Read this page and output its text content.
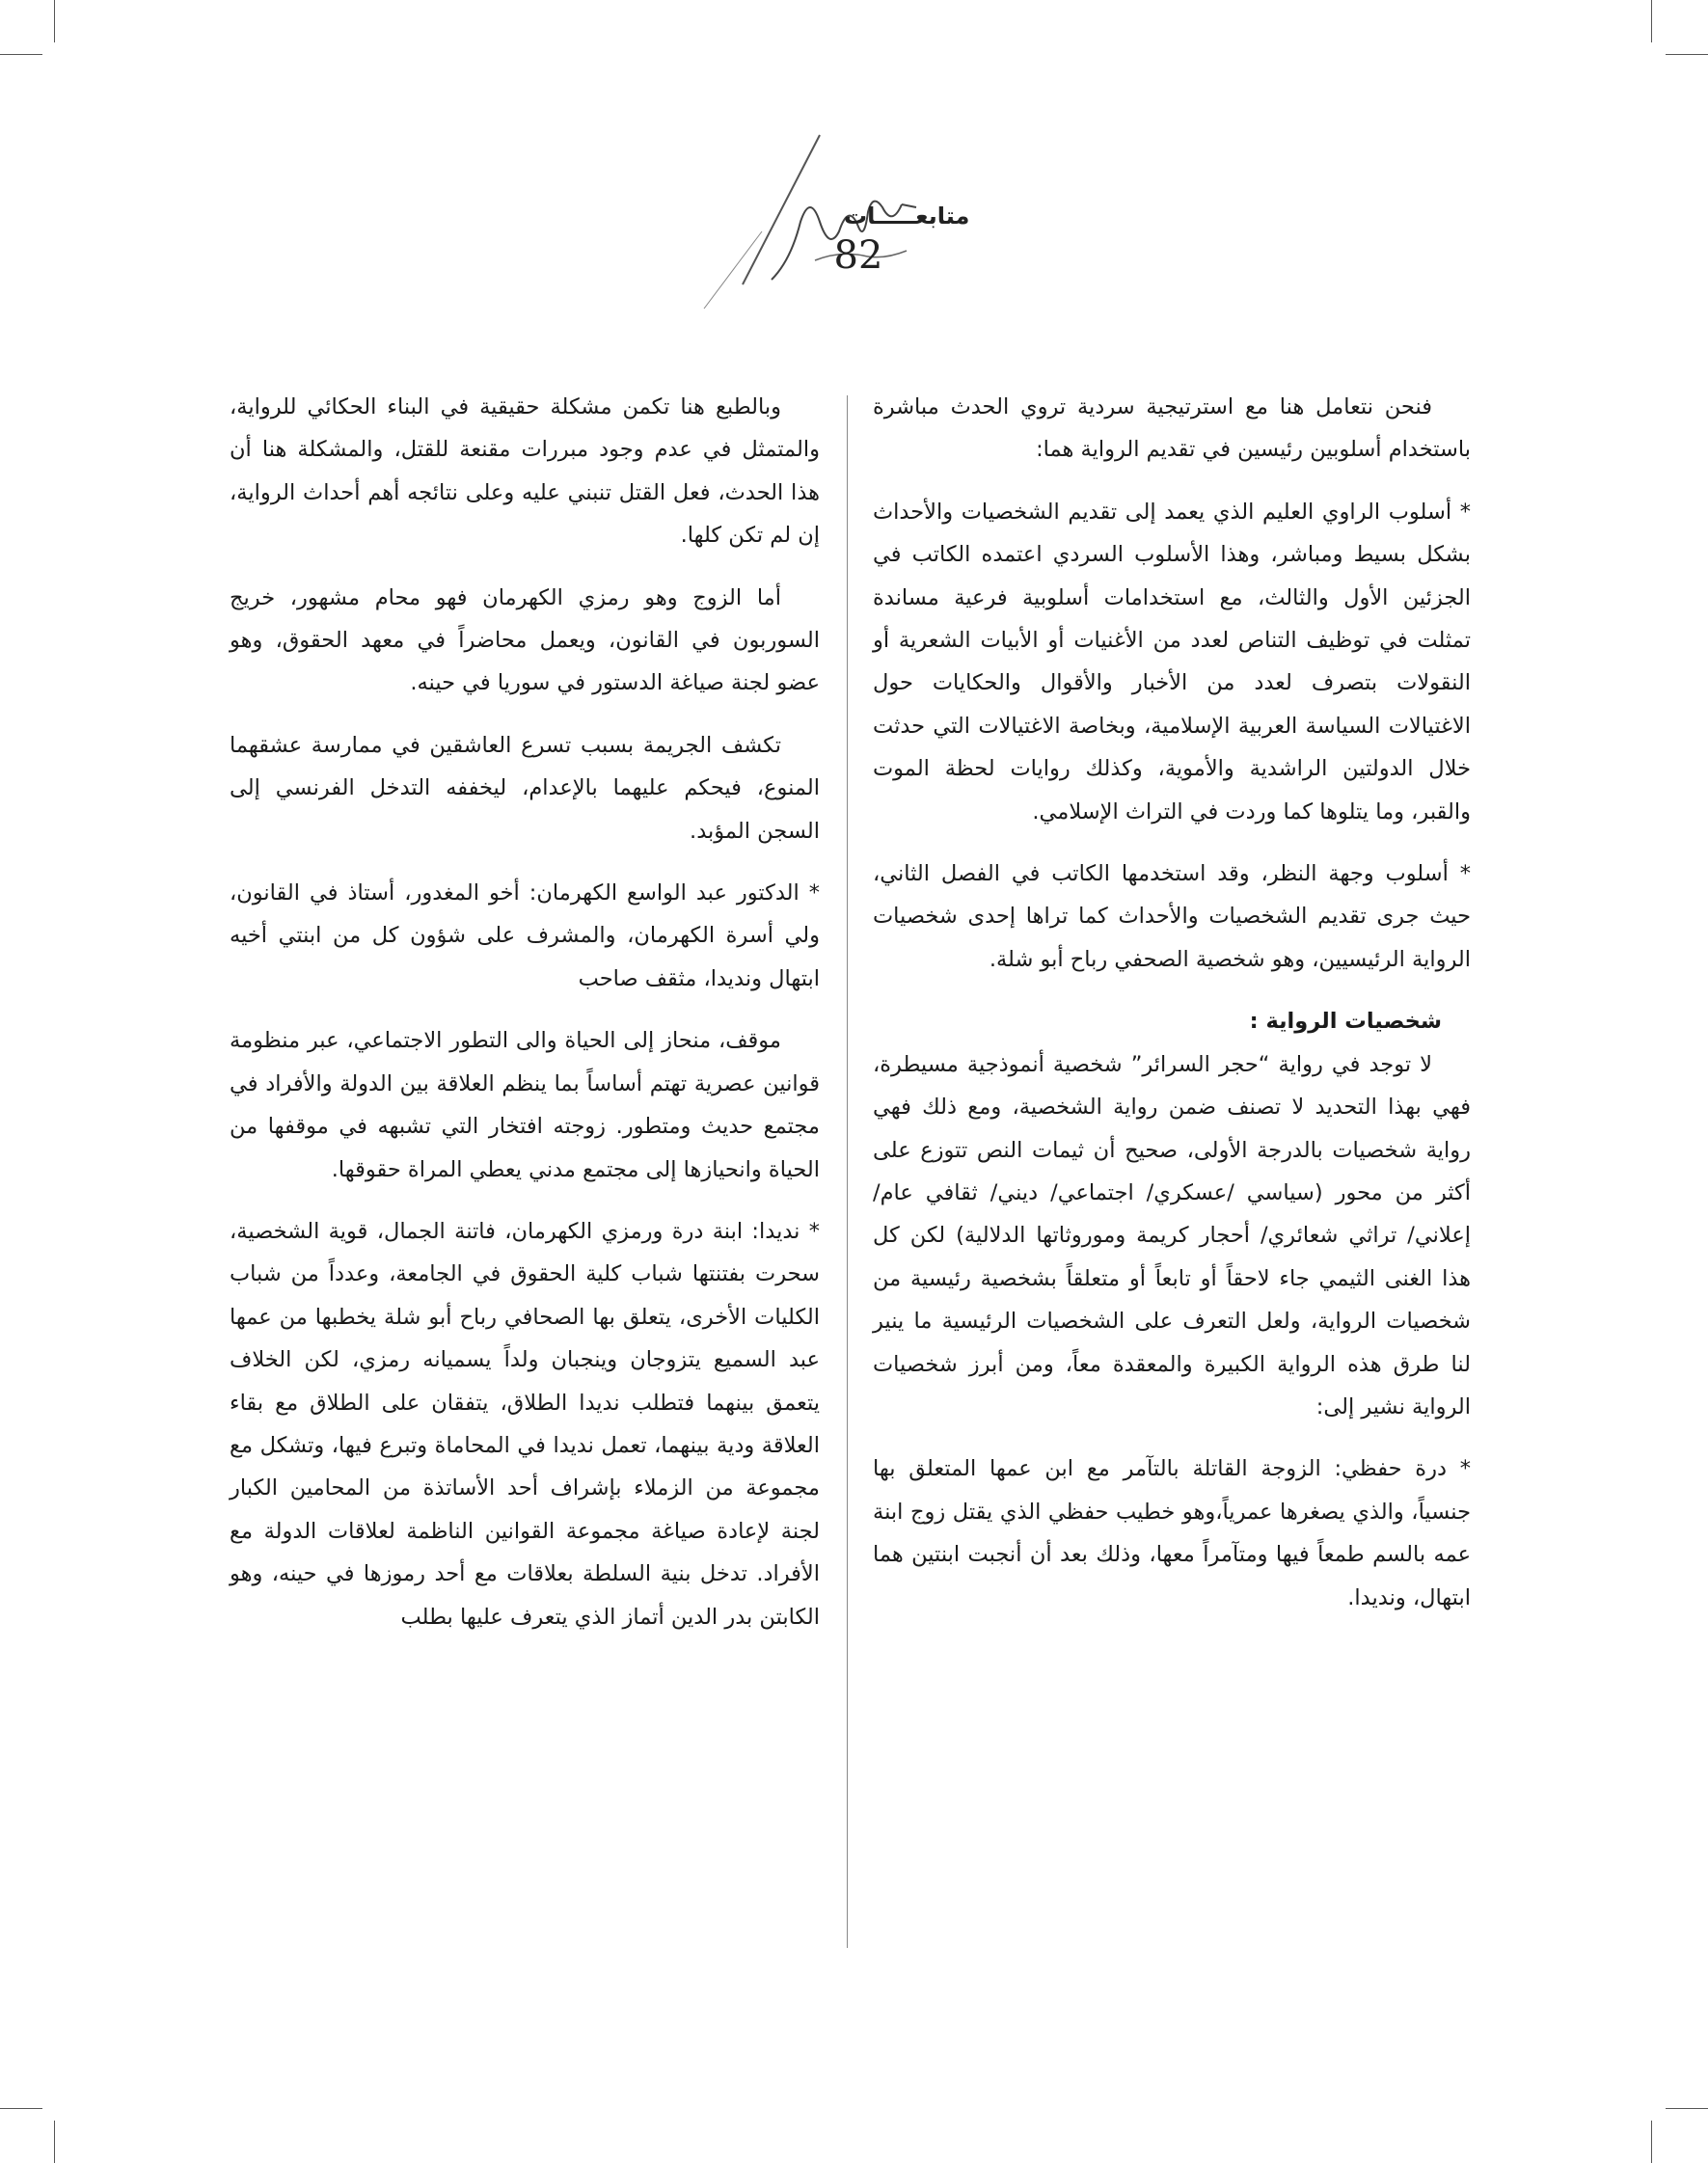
متابعـــــات
82

فنحن نتعامل هنا مع استرتيجية سردية تروي الحدث مباشرة باستخدام أسلوبين رئيسين في تقديم الرواية هما:

* أسلوب الراوي العليم الذي يعمد إلى تقديم الشخصيات والأحداث بشكل بسيط ومباشر، وهذا الأسلوب السردي اعتمده الكاتب في الجزئين الأول والثالث، مع استخدامات أسلوبية فرعية مساندة تمثلت في توظيف التناص لعدد من الأغنيات أو الأبيات الشعرية أو النقولات بتصرف لعدد من الأخبار والأقوال والحكايات حول الاغتيالات السياسة العربية الإسلامية، وبخاصة الاغتيالات التي حدثت خلال الدولتين الراشدية والأموية، وكذلك روايات لحظة الموت والقبر، وما يتلوها كما وردت في التراث الإسلامي.

* أسلوب وجهة النظر، وقد استخدمها الكاتب في الفصل الثاني، حيث جرى تقديم الشخصيات والأحداث كما تراها إحدى شخصيات الرواية الرئيسيين، وهو شخصية الصحفي رباح أبو شلة.

شخصيات الرواية :

لا توجد في رواية “حجر السرائر” شخصية أنموذجية مسيطرة، فهي بهذا التحديد لا تصنف ضمن رواية الشخصية، ومع ذلك فهي رواية شخصيات بالدرجة الأولى، صحيح أن ثيمات النص تتوزع على أكثر من محور (سياسي /عسكري/ اجتماعي/ ديني/ ثقافي عام/ إعلاني/ تراثي شعائري/ أحجار كريمة وموروثاتها الدلالية) لكن كل هذا الغنى الثيمي جاء لاحقاً أو تابعاً أو متعلقاً بشخصية رئيسية من شخصيات الرواية، ولعل التعرف على الشخصيات الرئيسية ما ينير لنا طرق هذه الرواية الكبيرة والمعقدة معاً، ومن أبرز شخصيات الرواية نشير إلى:

* درة حفظي: الزوجة القاتلة بالتآمر مع ابن عمها المتعلق بها جنسياً، والذي يصغرها عمرياً،وهو خطيب حفظي الذي يقتل زوج ابنة عمه بالسم طمعاً فيها ومتآمراً معها، وذلك بعد أن أنجبت ابنتين هما ابتهال، ونديدا.

وبالطبع هنا تكمن مشكلة حقيقية في البناء الحكائي للرواية، والمتمثل في عدم وجود مبررات مقنعة للقتل، والمشكلة هنا أن هذا الحدث، فعل القتل تنبني عليه وعلى نتائجه أهم أحداث الرواية، إن لم تكن كلها.

أما الزوج وهو رمزي الكهرمان فهو محام مشهور، خريج السوربون في القانون، ويعمل محاضراً في معهد الحقوق، وهو عضو لجنة صياغة الدستور في سوريا في حينه.

تكشف الجريمة بسبب تسرع العاشقين في ممارسة عشقهما المنوع، فيحكم عليهما بالإعدام، ليخففه التدخل الفرنسي إلى السجن المؤبد.

* الدكتور عبد الواسع الكهرمان: أخو المغدور، أستاذ في القانون، ولي أسرة الكهرمان، والمشرف على شؤون كل من ابنتي أخيه ابتهال ونديدا، مثقف صاحب

موقف، منحاز إلى الحياة والى التطور الاجتماعي، عبر منظومة قوانين عصرية تهتم أساساً بما ينظم العلاقة بين الدولة والأفراد في مجتمع حديث ومتطور. زوجته افتخار التي تشبهه في موقفها من الحياة وانحيازها إلى مجتمع مدني يعطي المراة حقوقها.

* نديدا: ابنة درة ورمزي الكهرمان، فاتنة الجمال، قوية الشخصية، سحرت بفتنتها شباب كلية الحقوق في الجامعة، وعدداً من شباب الكليات الأخرى، يتعلق بها الصحافي رباح أبو شلة يخطبها من عمها عبد السميع يتزوجان وينجبان ولداً يسميانه رمزي، لكن الخلاف يتعمق بينهما فتطلب نديدا الطلاق، يتفقان على الطلاق مع بقاء العلاقة ودية بينهما، تعمل نديدا في المحاماة وتبرع فيها، وتشكل مع مجموعة من الزملاء بإشراف أحد الأساتذة من المحامين الكبار لجنة لإعادة صياغة مجموعة القوانين الناظمة لعلاقات الدولة مع الأفراد. تدخل بنية السلطة بعلاقات مع أحد رموزها في حينه، وهو الكابتن بدر الدين أتماز الذي يتعرف عليها بطلب
